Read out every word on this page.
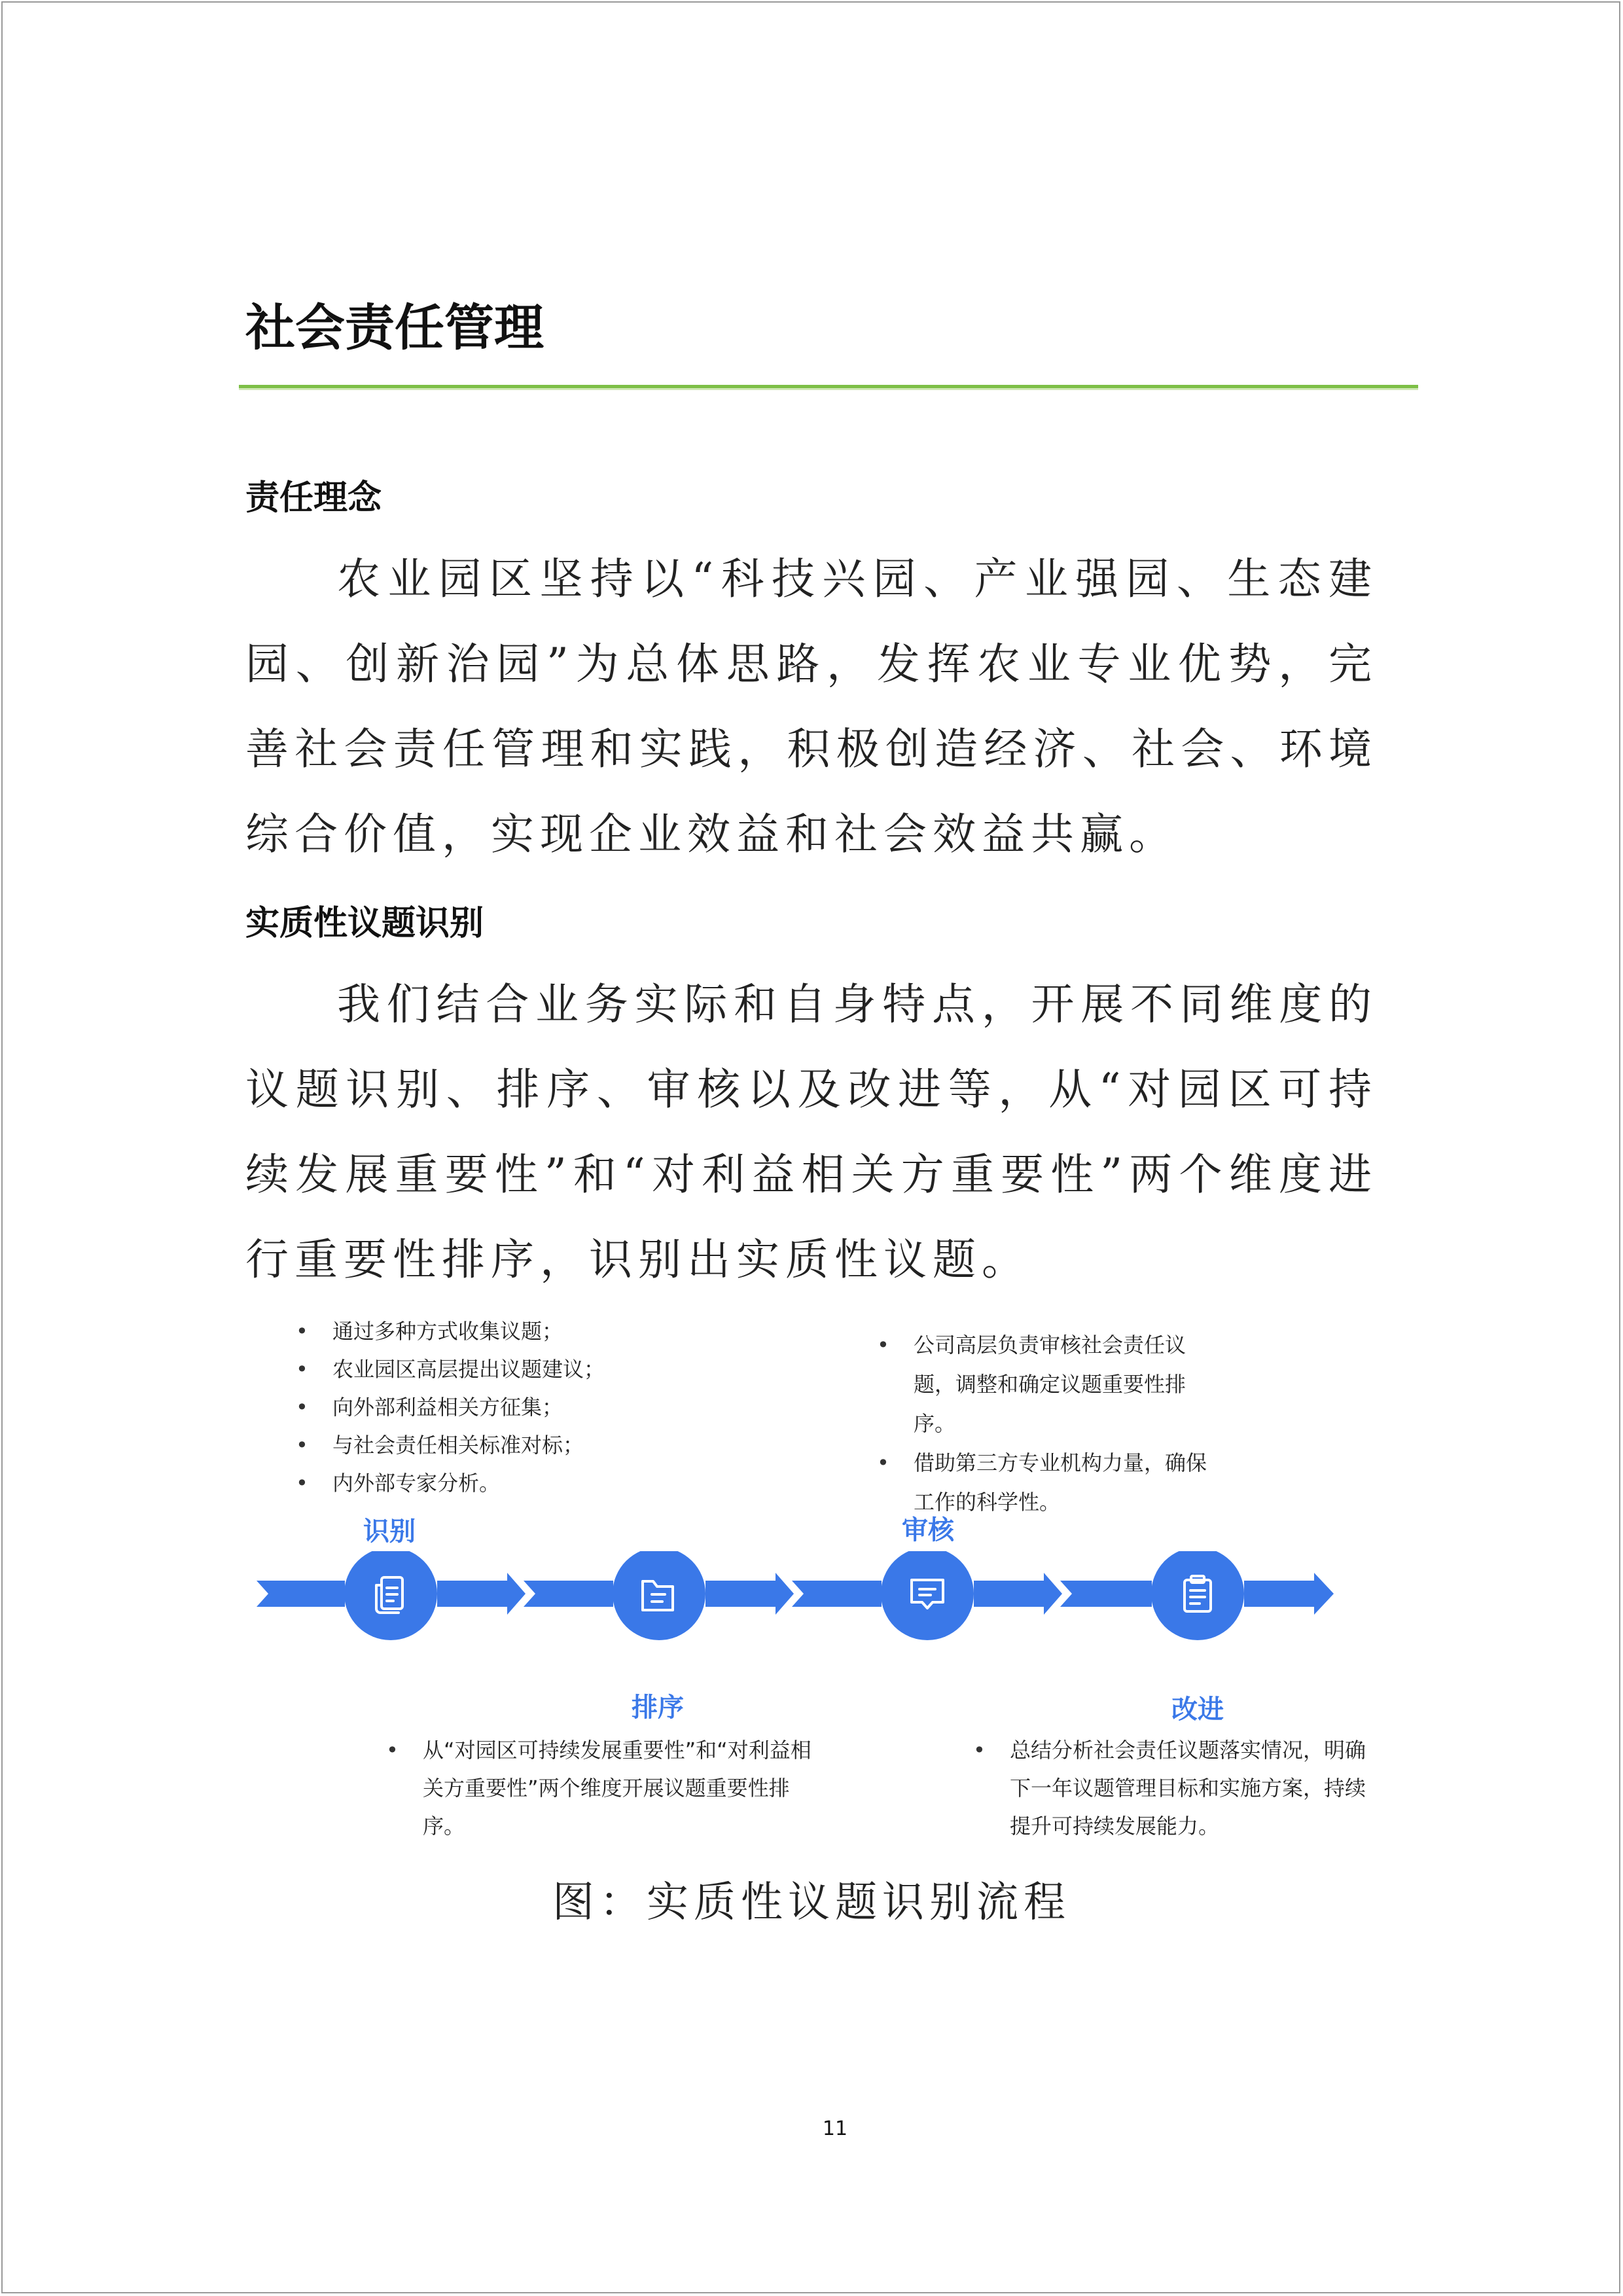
社会责任管理
责任理念

农业园区坚持以“科技兴园、产业强园、生态建园、创新治园”为总体思路，发挥农业专业优势，完善社会责任管理和实践，积极创造经济、社会、环境综合价值，实现企业效益和社会效益共赢。

实质性议题识别

我们结合业务实际和自身特点，开展不同维度的议题识别、排序、审核以及改进等，从“对园区可持续发展重要性”和“对利益相关方重要性”两个维度进行重要性排序，识别出实质性议题。

• 通过多种方式收集议题；
• 农业园区高层提出议题建议；
• 向外部利益相关方征集；
• 与社会责任相关标准对标；
• 内外部专家分析。
• 公司高层负责审核社会责任议题，调整和确定议题重要性排序。
• 借助第三方专业机构力量，确保工作的科学性。
识别	审核
排序	改进
• 从“对园区可持续发展重要性”和“对利益相关方重要性”两个维度开展议题重要性排序。
• 总结分析社会责任议题落实情况，明确下一年议题管理目标和实施方案，持续提升可持续发展能力。
图：实质性议题识别流程
11
